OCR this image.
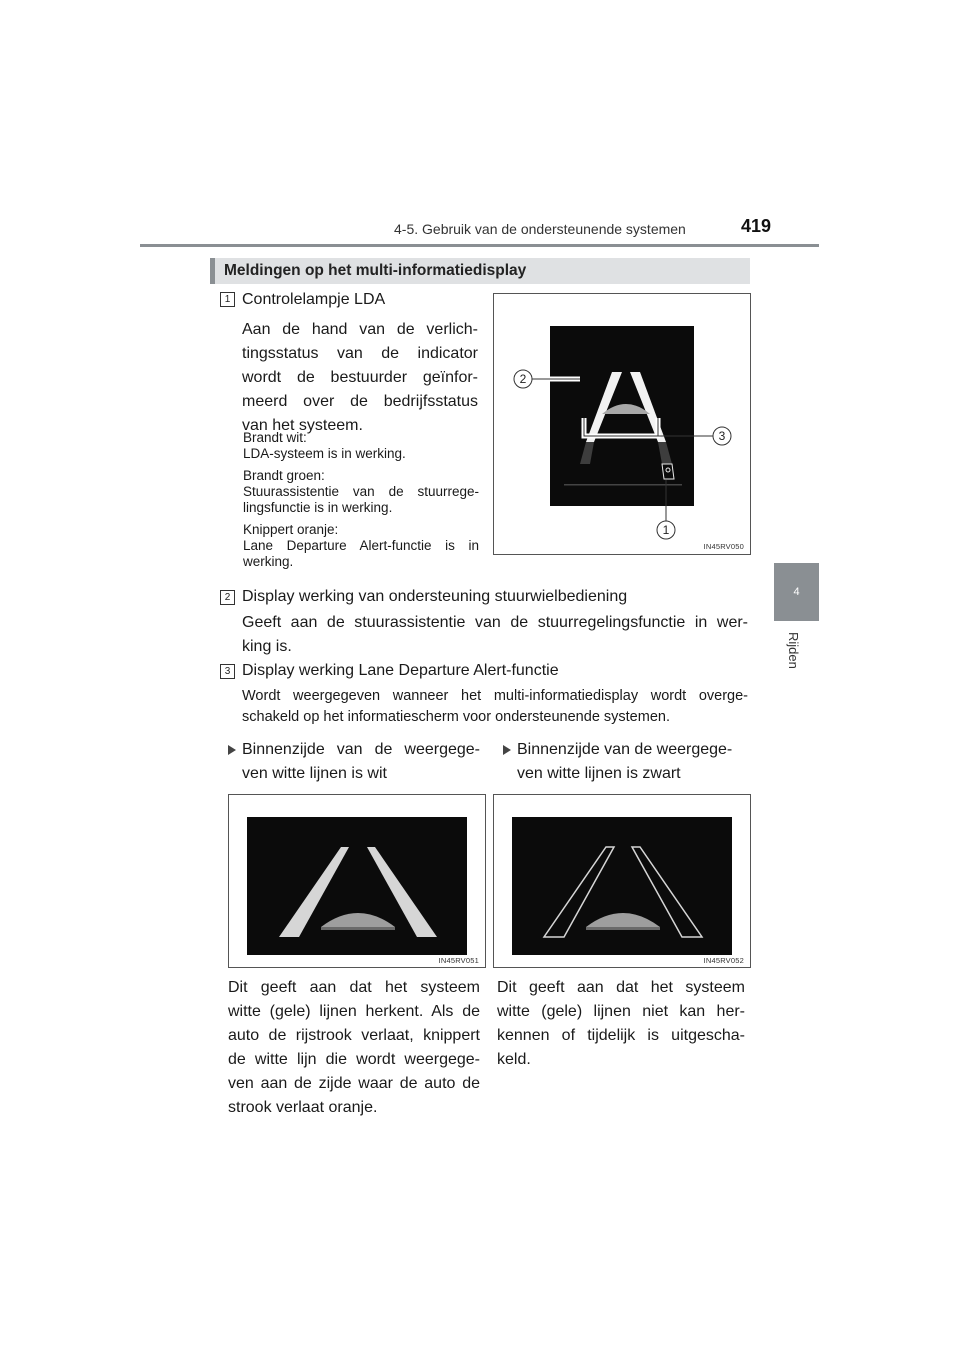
4-5. Gebruik van de ondersteunende systemen	419
4
Rijden
Meldingen op het multi-informatiedisplay
1 Controlelampje LDA
Aan de hand van de verlich-
tingsstatus van de indicator
wordt de bestuurder geïnfor-
meerd over de bedrijfsstatus
van het systeem.
Brandt wit:
LDA-systeem is in werking.
Brandt groen:
Stuurassistentie van de stuurrege-
lingsfunctie is in werking.
Knippert oranje:
Lane Departure Alert-functie is in
werking.
2
3
1
IN45RV050
2 Display werking van ondersteuning stuurwielbediening
Geeft aan de stuurassistentie van de stuurregelingsfunctie in wer-
king is.
3 Display werking Lane Departure Alert-functie
Wordt weergegeven wanneer het multi-informatiedisplay wordt overge-
schakeld op het informatiescherm voor ondersteunende systemen.
Binnenzijde van de weergege-
ven witte lijnen is wit
Binnenzijde van de weergege-
ven witte lijnen is zwart
IN45RV051	IN45RV052
Dit geeft aan dat het systeem
witte (gele) lijnen herkent. Als de
auto de rijstrook verlaat, knippert
de witte lijn die wordt weergege-
ven aan de zijde waar de auto de
strook verlaat oranje.
Dit geeft aan dat het systeem
witte (gele) lijnen niet kan her-
kennen of tijdelijk is uitgescha-
keld.
